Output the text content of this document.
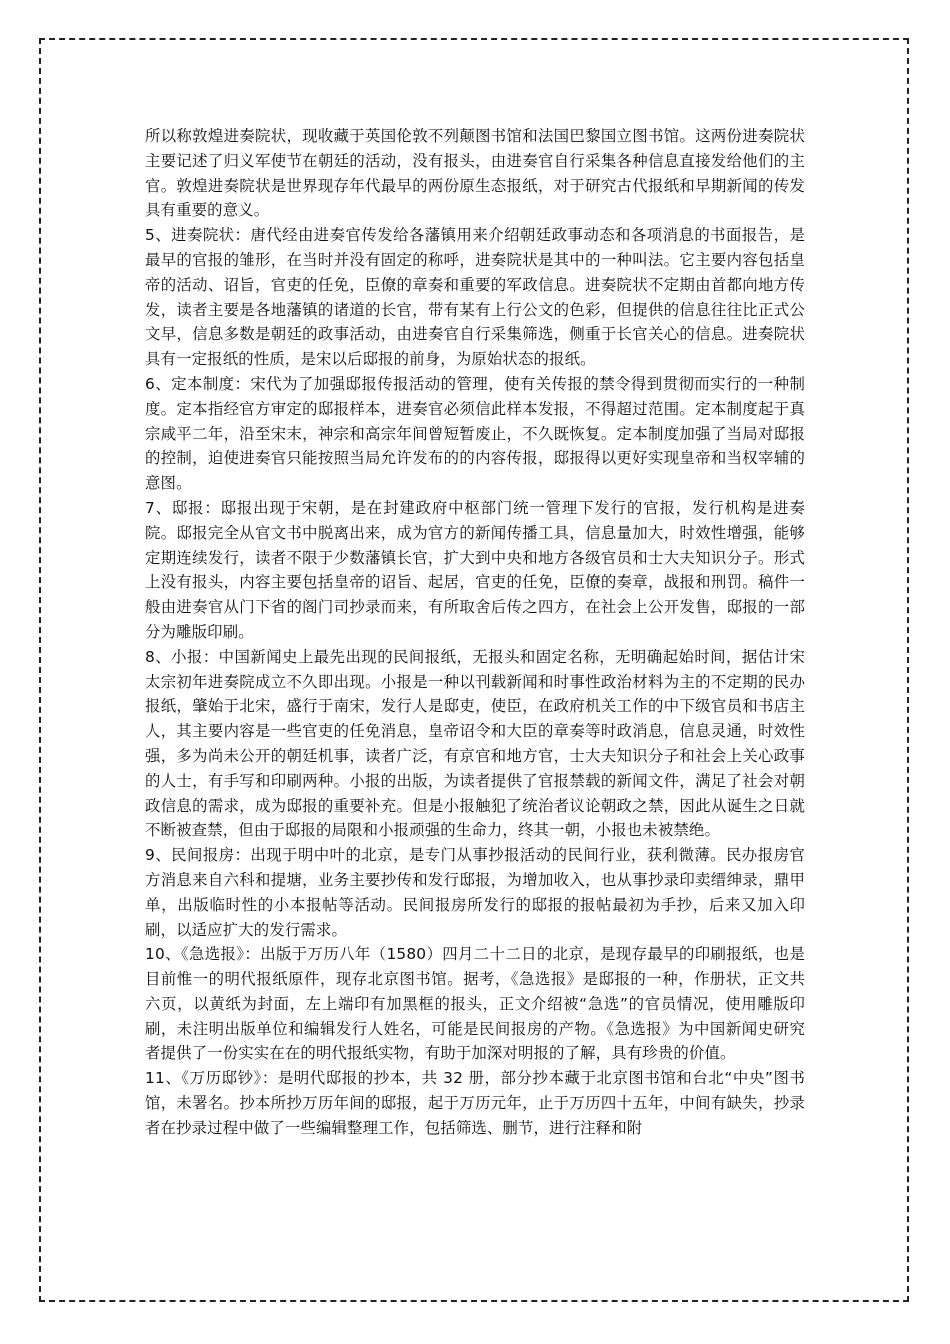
所以称敦煌进奏院状，现收藏于英国伦敦不列颠图书馆和法国巴黎国立图书馆。这两份进奏院状主要记述了归义军使节在朝廷的活动，没有报头，由进奏官自行采集各种信息直接发给他们的主官。敦煌进奏院状是世界现存年代最早的两份原生态报纸，对于研究古代报纸和早期新闻的传发具有重要的意义。

5、进奏院状：唐代经由进奏官传发给各藩镇用来介绍朝廷政事动态和各项消息的书面报告，是最早的官报的雏形，在当时并没有固定的称呼，进奏院状是其中的一种叫法。它主要内容包括皇帝的活动、诏旨，官吏的任免，臣僚的章奏和重要的军政信息。进奏院状不定期由首都向地方传发，读者主要是各地藩镇的诸道的长官，带有某有上行公文的色彩，但提供的信息往往比正式公文早，信息多数是朝廷的政事活动，由进奏官自行采集筛选，侧重于长官关心的信息。进奏院状具有一定报纸的性质，是宋以后邸报的前身，为原始状态的报纸。

6、定本制度：宋代为了加强邸报传报活动的管理，使有关传报的禁令得到贯彻而实行的一种制度。定本指经官方审定的邸报样本，进奏官必须信此样本发报，不得超过范围。定本制度起于真宗咸平二年，沿至宋末，神宗和高宗年间曾短暂废止，不久既恢复。定本制度加强了当局对邸报的控制，迫使进奏官只能按照当局允许发布的的内容传报，邸报得以更好实现皇帝和当权宰辅的意图。

7、邸报：邸报出现于宋朝，是在封建政府中枢部门统一管理下发行的官报，发行机构是进奏院。邸报完全从官文书中脱离出来，成为官方的新闻传播工具，信息量加大，时效性增强，能够定期连续发行，读者不限于少数藩镇长官，扩大到中央和地方各级官员和士大夫知识分子。形式上没有报头，内容主要包括皇帝的诏旨、起居，官吏的任免，臣僚的奏章，战报和刑罚。稿件一般由进奏官从门下省的阁门司抄录而来，有所取舍后传之四方，在社会上公开发售，邸报的一部分为雕版印刷。

8、小报：中国新闻史上最先出现的民间报纸，无报头和固定名称，无明确起始时间，据估计宋太宗初年进奏院成立不久即出现。小报是一种以刊载新闻和时事性政治材料为主的不定期的民办报纸，肇始于北宋，盛行于南宋，发行人是邸吏，使臣，在政府机关工作的中下级官员和书店主人，其主要内容是一些官吏的任免消息，皇帝诏令和大臣的章奏等时政消息，信息灵通，时效性强，多为尚未公开的朝廷机事，读者广泛，有京官和地方官，士大夫知识分子和社会上关心政事的人士，有手写和印刷两种。小报的出版，为读者提供了官报禁载的新闻文件，满足了社会对朝政信息的需求，成为邸报的重要补充。但是小报触犯了统治者议论朝政之禁，因此从诞生之日就不断被查禁，但由于邸报的局限和小报顽强的生命力，终其一朝，小报也未被禁绝。

9、民间报房：出现于明中叶的北京，是专门从事抄报活动的民间行业，获利微薄。民办报房官方消息来自六科和提塘，业务主要抄传和发行邸报，为增加收入，也从事抄录印卖缙绅录，鼎甲单，出版临时性的小本报帖等活动。民间报房所发行的邸报的报帖最初为手抄，后来又加入印刷，以适应扩大的发行需求。

10、《急选报》：出版于万历八年（1580）四月二十二日的北京，是现存最早的印刷报纸，也是目前惟一的明代报纸原件，现存北京图书馆。据考，《急选报》是邸报的一种，作册状，正文共六页，以黄纸为封面，左上端印有加黑框的报头，正文介绍被“急选”的官员情况，使用雕版印刷，未注明出版单位和编辑发行人姓名，可能是民间报房的产物。《急选报》为中国新闻史研究者提供了一份实实在在的明代报纸实物，有助于加深对明报的了解，具有珍贵的价值。

11、《万历邸钞》：是明代邸报的抄本，共 32 册，部分抄本藏于北京图书馆和台北“中央”图书馆，未署名。抄本所抄万历年间的邸报，起于万历元年，止于万历四十五年，中间有缺失，抄录者在抄录过程中做了一些编辑整理工作，包括筛选、删节，进行注释和附
